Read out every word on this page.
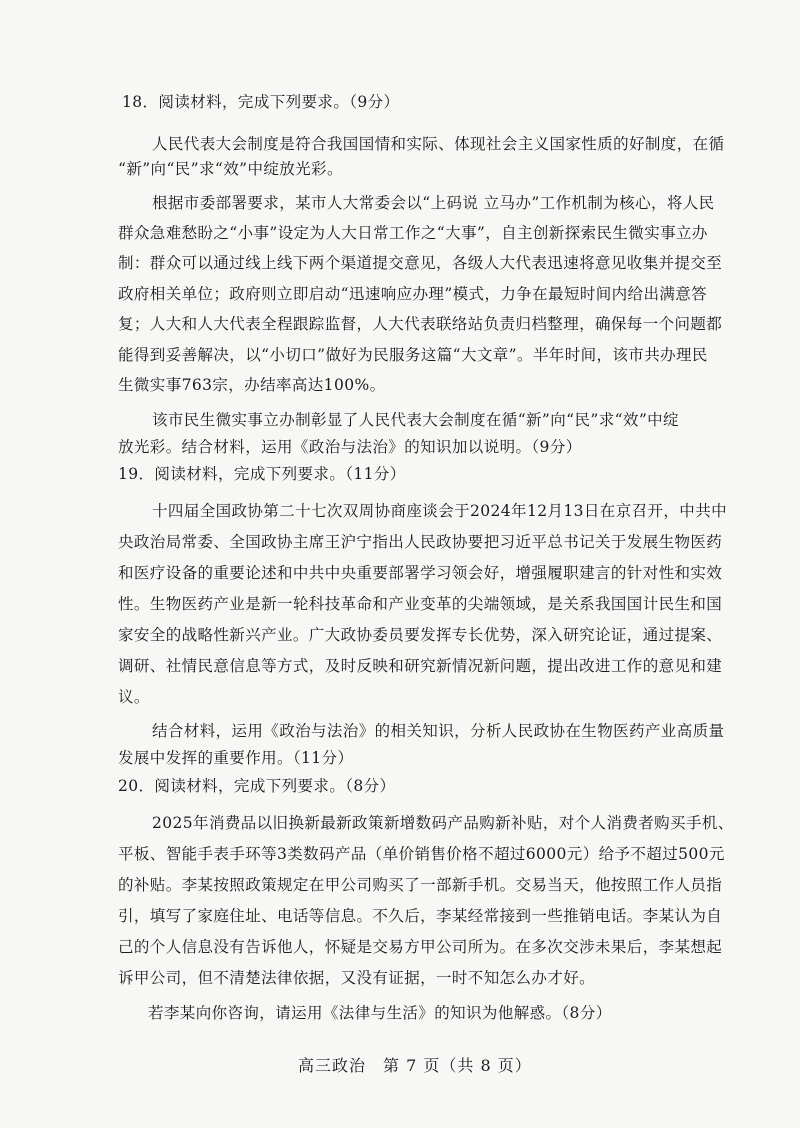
18．阅读材料，完成下列要求。（9分）
人民代表大会制度是符合我国国情和实际、体现社会主义国家性质的好制度，在循
“新”向“民”求“效”中绽放光彩。
根据市委部署要求，某市人大常委会以“上码说 立马办”工作机制为核心，将人民
群众急难愁盼之“小事”设定为人大日常工作之“大事”，自主创新探索民生微实事立办
制：群众可以通过线上线下两个渠道提交意见，各级人大代表迅速将意见收集并提交至
政府相关单位；政府则立即启动“迅速响应办理”模式，力争在最短时间内给出满意答
复；人大和人大代表全程跟踪监督，人大代表联络站负责归档整理，确保每一个问题都
能得到妥善解决，以“小切口”做好为民服务这篇“大文章”。半年时间，该市共办理民
生微实事763宗，办结率高达100%。
该市民生微实事立办制彰显了人民代表大会制度在循“新”向“民”求“效”中绽
放光彩。结合材料，运用《政治与法治》的知识加以说明。（9分）
19．阅读材料，完成下列要求。（11分）
十四届全国政协第二十七次双周协商座谈会于2024年12月13日在京召开，中共中
央政治局常委、全国政协主席王沪宁指出人民政协要把习近平总书记关于发展生物医药
和医疗设备的重要论述和中共中央重要部署学习领会好，增强履职建言的针对性和实效
性。生物医药产业是新一轮科技革命和产业变革的尖端领域，是关系我国国计民生和国
家安全的战略性新兴产业。广大政协委员要发挥专长优势，深入研究论证，通过提案、
调研、社情民意信息等方式，及时反映和研究新情况新问题，提出改进工作的意见和建
议。
结合材料，运用《政治与法治》的相关知识，分析人民政协在生物医药产业高质量
发展中发挥的重要作用。（11分）
20．阅读材料，完成下列要求。（8分）
2025年消费品以旧换新最新政策新增数码产品购新补贴，对个人消费者购买手机、
平板、智能手表手环等3类数码产品（单价销售价格不超过6000元）给予不超过500元
的补贴。李某按照政策规定在甲公司购买了一部新手机。交易当天，他按照工作人员指
引，填写了家庭住址、电话等信息。不久后，李某经常接到一些推销电话。李某认为自
己的个人信息没有告诉他人，怀疑是交易方甲公司所为。在多次交涉未果后，李某想起
诉甲公司，但不清楚法律依据，又没有证据，一时不知怎么办才好。
若李某向你咨询，请运用《法律与生活》的知识为他解惑。（8分）
高三政治　第 7 页（共 8 页）
